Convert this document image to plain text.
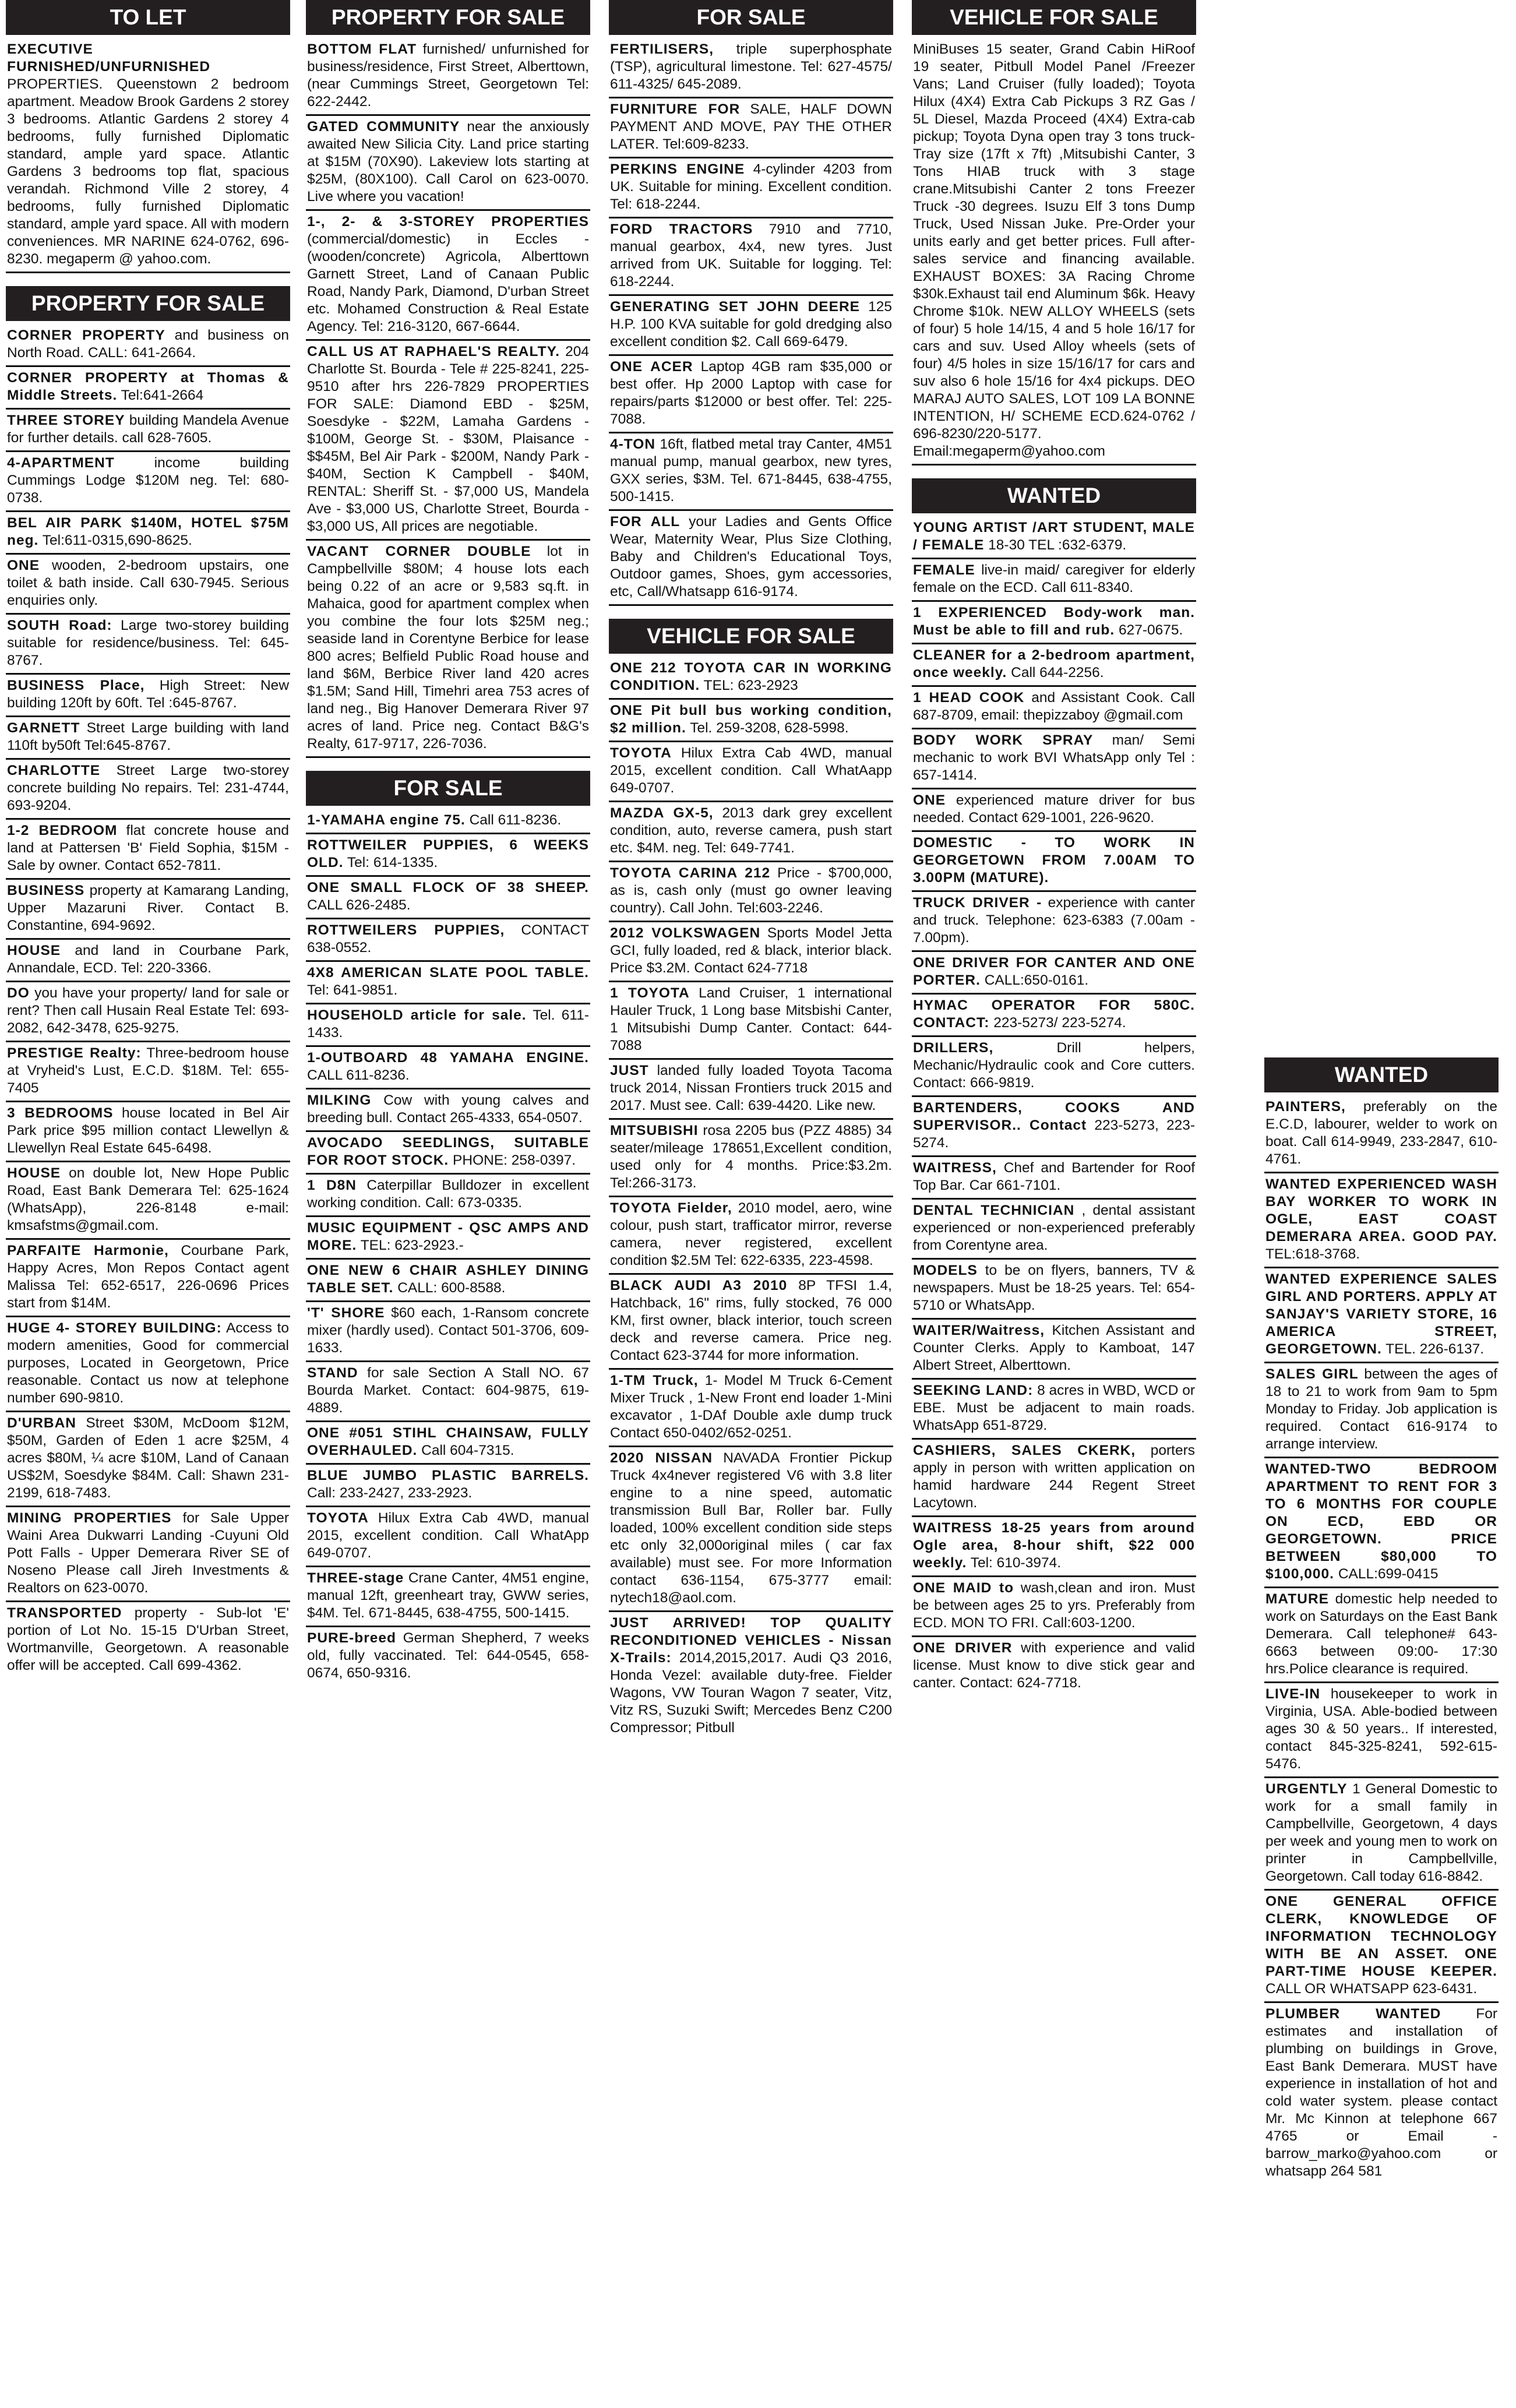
TO LET
EXECUTIVE FURNISHED/UNFURNISHED PROPERTIES. Queenstown 2 bedroom apartment. Meadow Brook Gardens 2 storey 3 bedrooms. Atlantic Gardens 2 storey 4 bedrooms, fully furnished Diplomatic standard, ample yard space. Atlantic Gardens 3 bedrooms top flat, spacious verandah. Richmond Ville 2 storey, 4 bedrooms, fully furnished Diplomatic standard, ample yard space. All with modern conveniences. MR NARINE 624-0762, 696-8230. megaperm @ yahoo.com.
PROPERTY FOR SALE
CORNER PROPERTY and business on North Road. CALL: 641-2664.
CORNER PROPERTY at Thomas & Middle Streets. Tel:641-2664
THREE STOREY building Mandela Avenue for further details. call 628-7605.
4-APARTMENT	income building Cummings Lodge $120M neg. Tel: 680-0738.
BEL AIR PARK $140M, HOTEL $75M neg. Tel:611-0315,690-8625.
ONE wooden, 2-bedroom upstairs, one toilet & bath inside. Call 630-7945. Serious enquiries only.
SOUTH Road: Large two-storey building suitable for residence/business. Tel: 645-8767.
BUSINESS Place, High Street: New building 120ft by 60ft. Tel :645-8767.
GARNETT Street Large building with land 110ft by50ft Tel:645-8767.
CHARLOTTE Street Large two-storey concrete building No repairs. Tel: 231-4744, 693-9204.
1-2 BEDROOM flat concrete house and land at Pattersen 'B' Field Sophia, $15M - Sale by owner. Contact 652-7811.
BUSINESS property at Kamarang Landing, Upper Mazaruni River. Contact B. Constantine, 694-9692.
HOUSE and land in Courbane Park, Annandale, ECD. Tel: 220-3366.
DO you have your property/ land for sale or rent? Then call Husain Real Estate Tel: 693-2082, 642-3478, 625-9275.
PRESTIGE Realty: Three-bedroom house at Vryheid's Lust, E.C.D. $18M. Tel: 655-7405
3 BEDROOMS house located in Bel Air Park price $95 million contact Llewellyn & Llewellyn Real Estate 645-6498.
HOUSE on double lot, New Hope Public Road, East Bank Demerara Tel: 625-1624 (WhatsApp), 226-8148 e-mail: kmsafstms@gmail.com.
PARFAITE Harmonie, Courbane Park, Happy Acres, Mon Repos Contact agent Malissa Tel: 652-6517, 226-0696 Prices start from $14M.
HUGE 4- STOREY BUILDING: Access to modern amenities, Good for commercial purposes, Located in Georgetown, Price reasonable. Contact us now at telephone number 690-9810.
D'URBAN Street $30M, McDoom $12M, $50M, Garden of Eden 1 acre $25M, 4 acres $80M, ¼ acre $10M, Land of Canaan US$2M, Soesdyke $84M. Call: Shawn 231-2199, 618-7483.
MINING PROPERTIES for Sale Upper Waini Area Dukwarri Landing -Cuyuni Old Pott Falls - Upper Demerara River SE of Noseno Please call Jireh Investments & Realtors on 623-0070.
TRANSPORTED property - Sub-lot 'E' portion of Lot No. 15-15 D'Urban Street, Wortmanville, Georgetown. A reasonable offer will be accepted. Call 699-4362.
PROPERTY FOR SALE
BOTTOM FLAT furnished/ unfurnished for business/residence, First Street, Alberttown, (near Cummings Street, Georgetown Tel: 622-2442.
GATED COMMUNITY near the anxiously awaited New Silicia City. Land price starting at $15M (70X90). Lakeview lots starting at $25M, (80X100). Call Carol on 623-0070. Live where you vacation!
1-, 2- & 3-STOREY PROPERTIES (commercial/domestic) in Eccles - (wooden/concrete) Agricola, Alberttown Garnett Street, Land of Canaan Public Road, Nandy Park, Diamond, D'urban Street etc. Mohamed Construction & Real Estate Agency. Tel: 216-3120, 667-6644.
CALL US AT RAPHAEL'S REALTY. 204 Charlotte St. Bourda - Tele # 225-8241, 225-9510 after hrs 226-7829 PROPERTIES FOR SALE: Diamond EBD - $25M, Soesdyke - $22M, Lamaha Gardens - $100M, George St. - $30M, Plaisance - $$45M, Bel Air Park - $200M, Nandy Park - $40M, Section K Campbell - $40M, RENTAL: Sheriff St. - $7,000 US, Mandela Ave - $3,000 US, Charlotte Street, Bourda - $3,000 US, All prices are negotiable.
VACANT CORNER DOUBLE lot in Campbellville $80M; 4 house lots each being 0.22 of an acre or 9,583 sq.ft. in Mahaica, good for apartment complex when you combine the four lots $25M neg.; seaside land in Corentyne Berbice for lease 800 acres; Belfield Public Road house and land $6M, Berbice River land 420 acres $1.5M; Sand Hill, Timehri area 753 acres of land neg., Big Hanover Demerara River 97 acres of land. Price neg. Contact B&G's Realty, 617-9717, 226-7036.
FOR SALE
1-YAMAHA engine 75. Call 611-8236.
ROTTWEILER PUPPIES, 6 WEEKS OLD. Tel: 614-1335.
ONE SMALL FLOCK OF 38 SHEEP. CALL 626-2485.
ROTTWEILERS PUPPIES, CONTACT 638-0552.
4X8 AMERICAN SLATE POOL TABLE. Tel: 641-9851.
HOUSEHOLD article for sale. Tel. 611-1433.
1-OUTBOARD 48 YAMAHA ENGINE. CALL 611-8236.
MILKING Cow with young calves and breeding bull. Contact 265-4333, 654-0507.
AVOCADO SEEDLINGS, SUITABLE FOR ROOT STOCK. PHONE: 258-0397.
1 D8N Caterpillar Bulldozer in excellent working condition. Call: 673-0335.
MUSIC EQUIPMENT - QSC AMPS AND MORE. TEL: 623-2923.-
ONE NEW 6 CHAIR ASHLEY DINING TABLE SET. CALL: 600-8588.
'T' SHORE $60 each, 1-Ransom concrete mixer (hardly used). Contact 501-3706, 609-1633.
STAND for sale Section A Stall NO. 67 Bourda Market. Contact: 604-9875, 619-4889.
ONE #051 STIHL CHAINSAW, FULLY OVERHAULED. Call 604-7315.
BLUE JUMBO PLASTIC BARRELS. Call: 233-2427, 233-2923.
TOYOTA Hilux Extra Cab 4WD, manual 2015, excellent condition. Call WhatApp 649-0707.
THREE-stage Crane Canter, 4M51 engine, manual 12ft, greenheart tray, GWW series, $4M. Tel. 671-8445, 638-4755, 500-1415.
PURE-breed German Shepherd, 7 weeks old, fully vaccinated. Tel: 644-0545, 658-0674, 650-9316.
FOR SALE
FERTILISERS, triple superphosphate (TSP), agricultural limestone. Tel: 627-4575/ 611-4325/ 645-2089.
FURNITURE FOR SALE, HALF DOWN PAYMENT AND MOVE, PAY THE OTHER LATER. Tel:609-8233.
PERKINS ENGINE 4-cylinder 4203 from UK. Suitable for mining. Excellent condition. Tel: 618-2244.
FORD TRACTORS 7910 and 7710, manual gearbox, 4x4, new tyres. Just arrived from UK. Suitable for logging. Tel: 618-2244.
GENERATING SET JOHN DEERE 125 H.P. 100 KVA suitable for gold dredging also excellent condition $2. Call 669-6479.
ONE ACER Laptop 4GB ram $35,000 or best offer. Hp 2000 Laptop with case for repairs/parts $12000 or best offer. Tel: 225-7088.
4-TON 16ft, flatbed metal tray Canter, 4M51 manual pump, manual gearbox, new tyres, GXX series, $3M. Tel. 671-8445, 638-4755, 500-1415.
FOR ALL your Ladies and Gents Office Wear, Maternity Wear, Plus Size Clothing, Baby and Children's Educational Toys, Outdoor games, Shoes, gym accessories, etc, Call/Whatsapp 616-9174.
VEHICLE FOR SALE
ONE 212 TOYOTA CAR IN WORKING CONDITION. TEL: 623-2923
ONE Pit bull bus working condition, $2 million. Tel. 259-3208, 628-5998.
TOYOTA Hilux Extra Cab 4WD, manual 2015, excellent condition. Call WhatAapp 649-0707.
MAZDA GX-5, 2013 dark grey excellent condition, auto, reverse camera, push start etc. $4M. neg. Tel: 649-7741.
TOYOTA CARINA 212 Price - $700,000, as is, cash only (must go owner leaving country). Call John. Tel:603-2246.
2012 VOLKSWAGEN Sports Model Jetta GCI, fully loaded, red & black, interior black. Price $3.2M. Contact 624-7718
1 TOYOTA Land Cruiser, 1 international Hauler Truck, 1 Long base Mitsbishi Canter, 1 Mitsubishi Dump Canter. Contact: 644-7088
JUST landed fully loaded Toyota Tacoma truck 2014, Nissan Frontiers truck 2015 and 2017. Must see. Call: 639-4420. Like new.
MITSUBISHI rosa 2205 bus (PZZ 4885) 34 seater/mileage 178651,Excellent condition, used only for 4 months. Price:$3.2m. Tel:266-3173.
TOYOTA Fielder, 2010 model, aero, wine colour, push start, trafficator mirror, reverse camera, never registered, excellent condition $2.5M Tel: 622-6335, 223-4598.
BLACK AUDI A3 2010 8P TFSI 1.4, Hatchback, 16" rims, fully stocked, 76 000 KM, first owner, black interior, touch screen deck and reverse camera. Price neg. Contact 623-3744 for more information.
1-TM Truck, 1- Model M Truck 6-Cement Mixer Truck , 1-New Front end loader 1-Mini excavator , 1-DAf Double axle dump truck Contact 650-0402/652-0251.
2020 NISSAN NAVADA Frontier Pickup Truck 4x4never registered V6 with 3.8 liter engine to a nine speed, automatic transmission Bull Bar, Roller bar. Fully loaded, 100% excellent condition side steps etc only 32,000original miles ( car fax available) must see. For more Information contact 636-1154, 675-3777 email: nytech18@aol.com.
JUST ARRIVED! TOP QUALITY RECONDITIONED VEHICLES - Nissan X-Trails: 2014,2015,2017. Audi Q3 2016, Honda Vezel: available duty-free. Fielder Wagons, VW Touran Wagon 7 seater, Vitz, Vitz RS, Suzuki Swift; Mercedes Benz C200 Compressor; Pitbull
VEHICLE FOR SALE
MiniBuses 15 seater, Grand Cabin HiRoof 19 seater, Pitbull Model Panel /Freezer Vans; Land Cruiser (fully loaded); Toyota Hilux (4X4) Extra Cab Pickups 3 RZ Gas / 5L Diesel, Mazda Proceed (4X4) Extra-cab pickup; Toyota Dyna open tray 3 tons truck-Tray size (17ft x 7ft) ,Mitsubishi Canter, 3 Tons HIAB truck with 3 stage crane.Mitsubishi Canter 2 tons Freezer Truck -30 degrees. Isuzu Elf 3 tons Dump Truck, Used Nissan Juke. Pre-Order your units early and get better prices. Full after-sales service and financing available. EXHAUST BOXES: 3A Racing Chrome $30k.Exhaust tail end Aluminum $6k. Heavy Chrome $10k. NEW ALLOY WHEELS (sets of four) 5 hole 14/15, 4 and 5 hole 16/17 for cars and suv. Used Alloy wheels (sets of four) 4/5 holes in size 15/16/17 for cars and suv also 6 hole 15/16 for 4x4 pickups. DEO MARAJ AUTO SALES, LOT 109 LA BONNE INTENTION, H/ SCHEME ECD.624-0762 / 696-8230/220-5177. Email:megaperm@yahoo.com
WANTED
YOUNG ARTIST /ART STUDENT, MALE / FEMALE 18-30 TEL :632-6379.
FEMALE live-in maid/ caregiver for elderly female on the ECD. Call 611-8340.
1 EXPERIENCED Body-work man. Must be able to fill and rub. 627-0675.
CLEANER for a 2-bedroom apartment, once weekly. Call 644-2256.
1 HEAD COOK and Assistant Cook. Call 687-8709, email: thepizzaboy @gmail.com
BODY WORK SPRAY man/ Semi mechanic to work BVI WhatsApp only Tel : 657-1414.
ONE experienced mature driver for bus needed. Contact 629-1001, 226-9620.
DOMESTIC - TO WORK IN GEORGETOWN FROM 7.00AM TO 3.00PM (MATURE).
TRUCK DRIVER - experience with canter and truck. Telephone: 623-6383 (7.00am - 7.00pm).
ONE DRIVER FOR CANTER AND ONE PORTER. CALL:650-0161.
HYMAC OPERATOR FOR 580C. CONTACT: 223-5273/ 223-5274.
DRILLERS,	Drill helpers, Mechanic/Hydraulic cook and Core cutters. Contact: 666-9819.
BARTENDERS, COOKS AND SUPERVISOR.. Contact 223-5273, 223-5274.
WAITRESS, Chef and Bartender for Roof Top Bar. Car 661-7101.
DENTAL TECHNICIAN , dental assistant experienced or non-experienced preferably from Corentyne area.
MODELS to be on flyers, banners, TV & newspapers. Must be 18-25 years. Tel: 654-5710 or WhatsApp.
WAITER/Waitress, Kitchen Assistant and Counter Clerks. Apply to Kamboat, 147 Albert Street, Alberttown.
SEEKING LAND: 8 acres in WBD, WCD or EBE. Must be adjacent to main roads. WhatsApp 651-8729.
CASHIERS, SALES CKERK, porters apply in person with written application on hamid hardware 244 Regent Street Lacytown.
WAITRESS 18-25 years from around Ogle area, 8-hour shift, $22 000 weekly. Tel: 610-3974.
ONE MAID to wash,clean and iron. Must be between ages 25 to yrs. Preferably from ECD. MON TO FRI. Call:603-1200.
ONE DRIVER with experience and valid license. Must know to dive stick gear and canter. Contact: 624-7718.
WANTED
PAINTERS, preferably on the E.C.D, labourer, welder to work on boat. Call 614-9949, 233-2847, 610-4761.
WANTED EXPERIENCED WASH BAY WORKER TO WORK IN OGLE, EAST COAST DEMERARA AREA. GOOD PAY. TEL:618-3768.
WANTED EXPERIENCE SALES GIRL AND PORTERS. APPLY AT SANJAY'S VARIETY STORE, 16 AMERICA STREET, GEORGETOWN. TEL. 226-6137.
SALES GIRL between the ages of 18 to 21 to work from 9am to 5pm Monday to Friday. Job application is required. Contact 616-9174 to arrange interview.
WANTED-TWO BEDROOM APARTMENT TO RENT FOR 3 TO 6 MONTHS FOR COUPLE ON ECD, EBD OR GEORGETOWN. PRICE BETWEEN $80,000 TO $100,000. CALL:699-0415
MATURE domestic help needed to work on Saturdays on the East Bank Demerara. Call telephone# 643-6663 between 09:00- 17:30 hrs.Police clearance is required.
LIVE-IN housekeeper to work in Virginia, USA. Able-bodied between ages 30 & 50 years.. If interested, contact 845-325-8241, 592-615-5476.
URGENTLY 1 General Domestic to work for a small family in Campbellville, Georgetown, 4 days per week and young men to work on printer in Campbellville, Georgetown. Call today 616-8842.
ONE GENERAL OFFICE CLERK, KNOWLEDGE OF INFORMATION TECHNOLOGY WITH BE AN ASSET. ONE PART-TIME HOUSE KEEPER. CALL OR WHATSAPP 623-6431.
PLUMBER WANTED For estimates and installation of plumbing on buildings in Grove, East Bank Demerara. MUST have experience in installation of hot and cold water system. please contact Mr. Mc Kinnon at telephone 667 4765 or Email - barrow_marko@yahoo.com or whatsapp 264 581
